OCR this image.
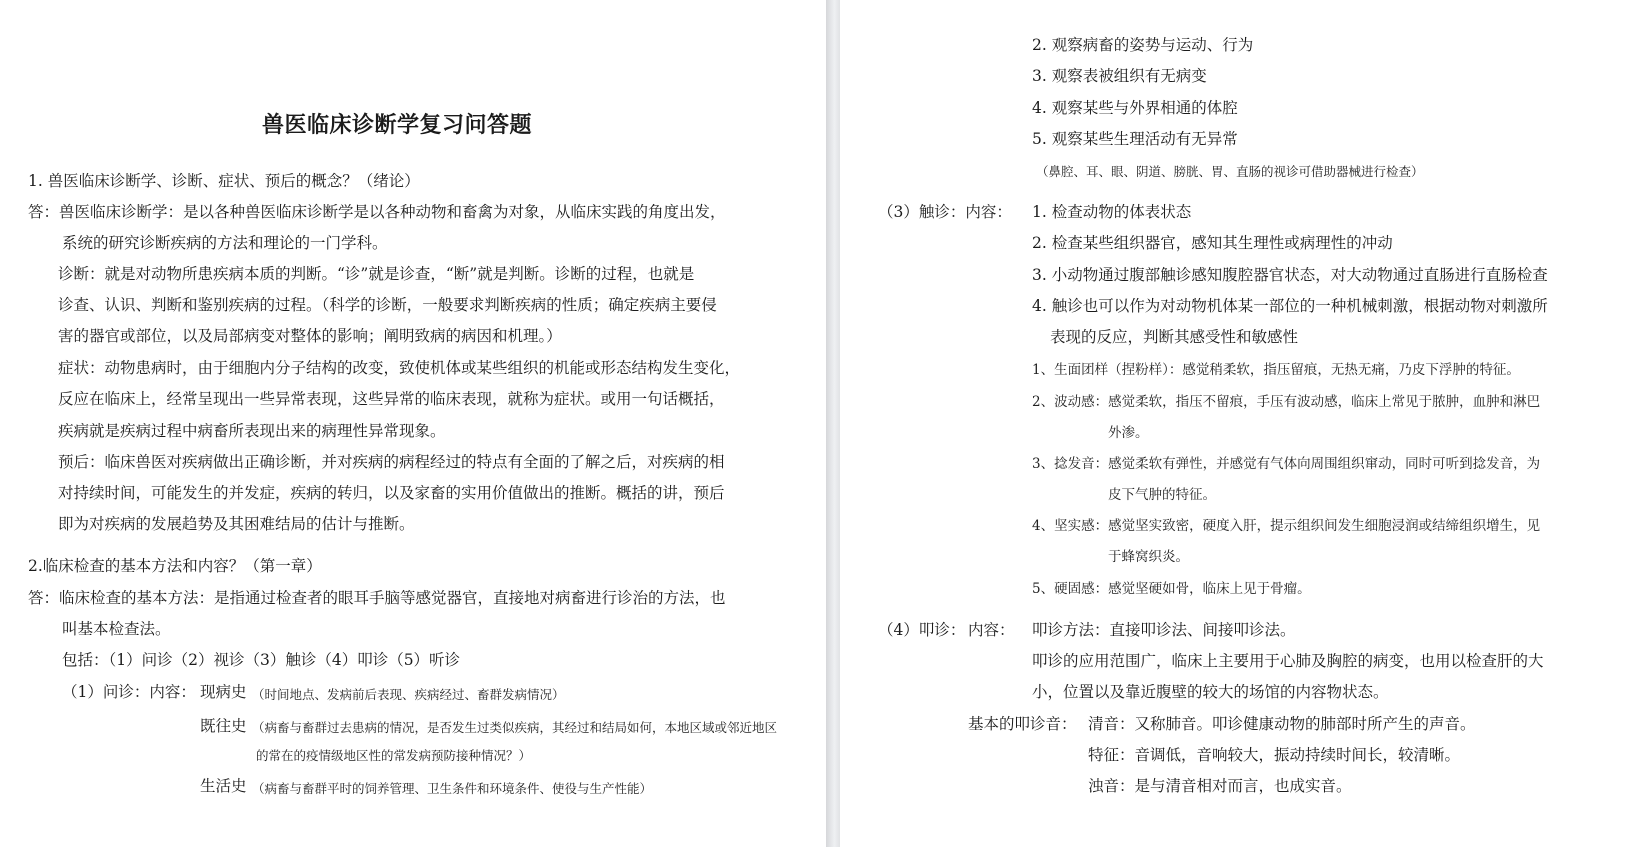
兽医临床诊断学复习问答题
1. 兽医临床诊断学、诊断、症状、预后的概念？（绪论）
答：兽医临床诊断学：是以各种兽医临床诊断学是以各种动物和畜禽为对象，从临床实践的角度出发，
系统的研究诊断疾病的方法和理论的一门学科。
诊断：就是对动物所患疾病本质的判断。“诊”就是诊查，“断”就是判断。诊断的过程，也就是
诊查、认识、判断和鉴别疾病的过程。（科学的诊断，一般要求判断疾病的性质；确定疾病主要侵
害的器官或部位，以及局部病变对整体的影响；阐明致病的病因和机理。）
症状：动物患病时，由于细胞内分子结构的改变，致使机体或某些组织的机能或形态结构发生变化，
反应在临床上，经常呈现出一些异常表现，这些异常的临床表现，就称为症状。或用一句话概括，
疾病就是疾病过程中病畜所表现出来的病理性异常现象。
预后：临床兽医对疾病做出正确诊断，并对疾病的病程经过的特点有全面的了解之后，对疾病的相
对持续时间，可能发生的并发症，疾病的转归，以及家畜的实用价值做出的推断。概括的讲，预后
即为对疾病的发展趋势及其困难结局的估计与推断。
2.临床检查的基本方法和内容？（第一章）
答：临床检查的基本方法：是指通过检查者的眼耳手脑等感觉器官，直接地对病畜进行诊治的方法，也
叫基本检查法。
包括：（1）问诊（2）视诊（3）触诊（4）叩诊（5）听诊
（1）问诊：内容： 现病史 （时间地点、发病前后表现、疾病经过、畜群发病情况）
既往史 （病畜与畜群过去患病的情况，是否发生过类似疾病，其经过和结局如何，本地区域或邻近地区
的常在的疫情级地区性的常发病预防接种情况？）
生活史 （病畜与畜群平时的饲养管理、卫生条件和环境条件、使役与生产性能）
2. 观察病畜的姿势与运动、行为
3. 观察表被组织有无病变
4. 观察某些与外界相通的体腔
5. 观察某些生理活动有无异常
（鼻腔、耳、眼、阴道、膀胱、胃、直肠的视诊可借助器械进行检查）
（3）触诊：内容： 1. 检查动物的体表状态
2. 检查某些组织器官，感知其生理性或病理性的冲动
3. 小动物通过腹部触诊感知腹腔器官状态，对大动物通过直肠进行直肠检查
4. 触诊也可以作为对动物机体某一部位的一种机械刺激，根据动物对刺激所
表现的反应，判断其感受性和敏感性
1、生面团样（捏粉样）：感觉稍柔软，指压留痕，无热无痛，乃皮下浮肿的特征。
2、波动感：感觉柔软，指压不留痕，手压有波动感，临床上常见于脓肿，血肿和淋巴
外渗。
3、捻发音：感觉柔软有弹性，并感觉有气体向周围组织窜动，同时可听到捻发音，为
皮下气肿的特征。
4、坚实感：感觉坚实致密，硬度入肝，提示组织间发生细胞浸润或结缔组织增生，见
于蜂窝织炎。
5、硬固感：感觉坚硬如骨，临床上见于骨瘤。
（4）叩诊： 内容： 叩诊方法：直接叩诊法、间接叩诊法。
叩诊的应用范围广，临床上主要用于心肺及胸腔的病变，也用以检查肝的大
小，位置以及靠近腹壁的较大的场馆的内容物状态。
基本的叩诊音： 清音：又称肺音。叩诊健康动物的肺部时所产生的声音。
特征：音调低，音响较大，振动持续时间长，较清晰。
浊音：是与清音相对而言，也成实音。
